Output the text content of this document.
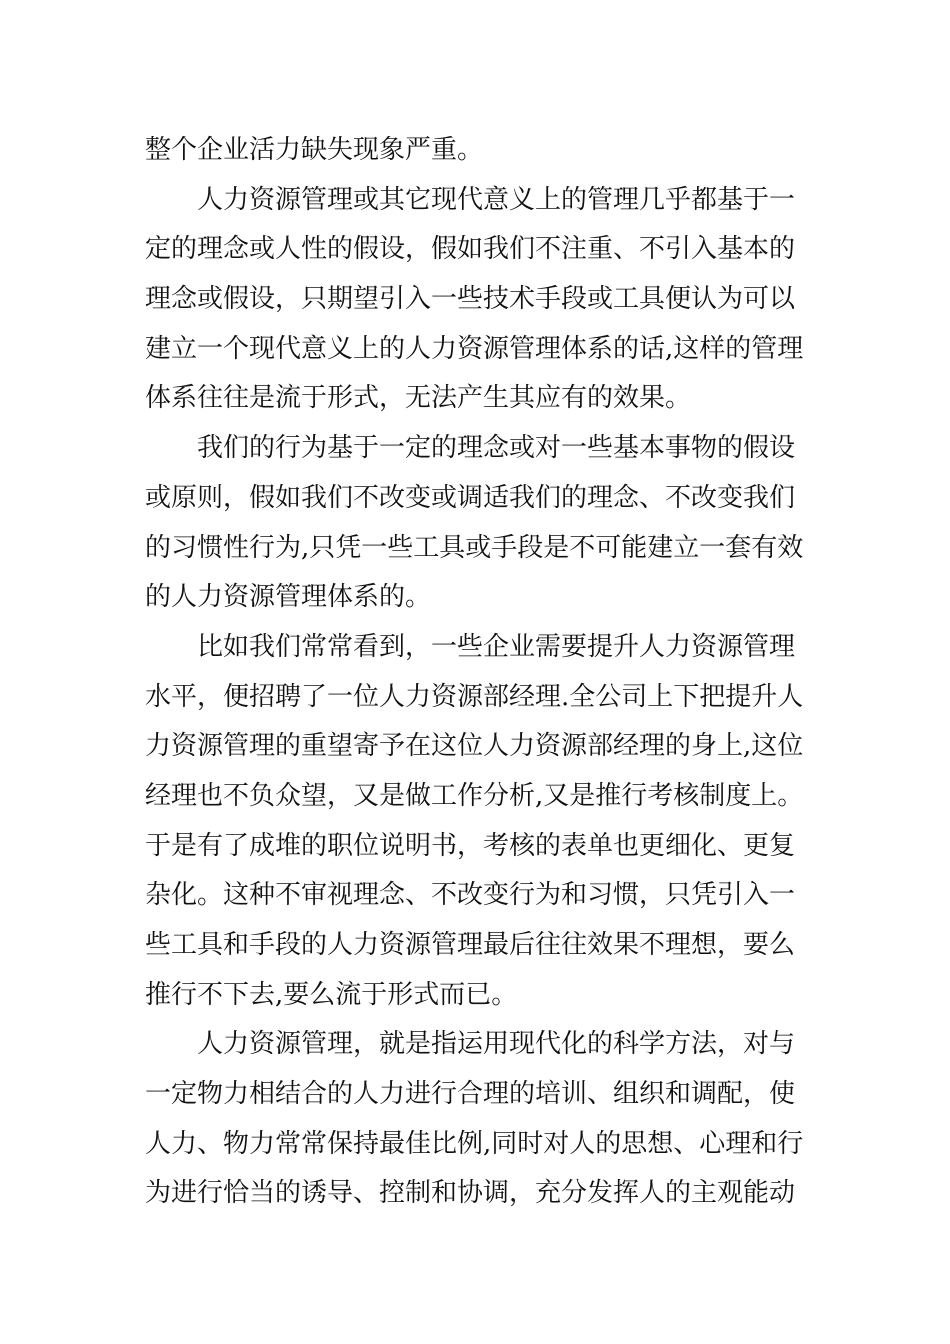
整个企业活力缺失现象严重。
人力资源管理或其它现代意义上的管理几乎都基于一
定的理念或人性的假设，假如我们不注重、不引入基本的
理念或假设，只期望引入一些技术手段或工具便认为可以
建立一个现代意义上的人力资源管理体系的话,这样的管理
体系往往是流于形式，无法产生其应有的效果。
我们的行为基于一定的理念或对一些基本事物的假设
或原则，假如我们不改变或调适我们的理念、不改变我们
的习惯性行为,只凭一些工具或手段是不可能建立一套有效
的人力资源管理体系的。
比如我们常常看到，一些企业需要提升人力资源管理
水平，便招聘了一位人力资源部经理.全公司上下把提升人
力资源管理的重望寄予在这位人力资源部经理的身上,这位
经理也不负众望，又是做工作分析,又是推行考核制度上。
于是有了成堆的职位说明书，考核的表单也更细化、更复
杂化。这种不审视理念、不改变行为和习惯，只凭引入一
些工具和手段的人力资源管理最后往往效果不理想，要么
推行不下去,要么流于形式而已。
人力资源管理，就是指运用现代化的科学方法，对与
一定物力相结合的人力进行合理的培训、组织和调配，使
人力、物力常常保持最佳比例,同时对人的思想、心理和行
为进行恰当的诱导、控制和协调，充分发挥人的主观能动
